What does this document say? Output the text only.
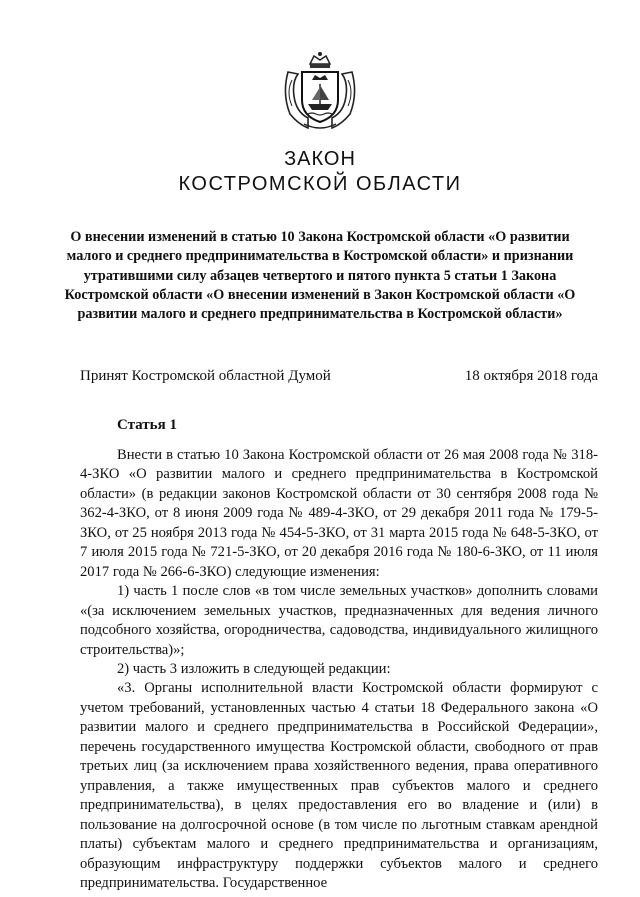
ЗАКОН
КОСТРОМСКОЙ ОБЛАСТИ
О внесении изменений в статью 10 Закона Костромской области «О развитии малого и среднего предпринимательства в Костромской области» и признании утратившими силу абзацев четвертого и пятого пункта 5 статьи 1 Закона Костромской области «О внесении изменений в Закон Костромской области «О развитии малого и среднего предпринимательства в Костромской области»
Принят Костромской областной Думой	18 октября 2018 года
Статья 1

Внести в статью 10 Закона Костромской области от 26 мая 2008 года № 318-4-ЗКО «О развитии малого и среднего предпринимательства в Костромской области» (в редакции законов Костромской области от 30 сентября 2008 года № 362-4-ЗКО, от 8 июня 2009 года № 489-4-ЗКО, от 29 декабря 2011 года № 179-5-ЗКО, от 25 ноября 2013 года № 454-5-ЗКО, от 31 марта 2015 года № 648-5-ЗКО, от 7 июля 2015 года № 721-5-ЗКО, от 20 декабря 2016 года № 180-6-ЗКО, от 11 июля 2017 года № 266-6-ЗКО) следующие изменения:

1) часть 1 после слов «в том числе земельных участков» дополнить словами «(за исключением земельных участков, предназначенных для ведения личного подсобного хозяйства, огородничества, садоводства, индивидуального жилищного строительства)»;

2) часть 3 изложить в следующей редакции:

«3. Органы исполнительной власти Костромской области формируют с учетом требований, установленных частью 4 статьи 18 Федерального закона «О развитии малого и среднего предпринимательства в Российской Федерации», перечень государственного имущества Костромской области, свободного от прав третьих лиц (за исключением права хозяйственного ведения, права оперативного управления, а также имущественных прав субъектов малого и среднего предпринимательства), в целях предоставления его во владение и (или) в пользование на долгосрочной основе (в том числе по льготным ставкам арендной платы) субъектам малого и среднего предпринимательства и организациям, образующим инфраструктуру поддержки субъектов малого и среднего предпринимательства. Государственное
